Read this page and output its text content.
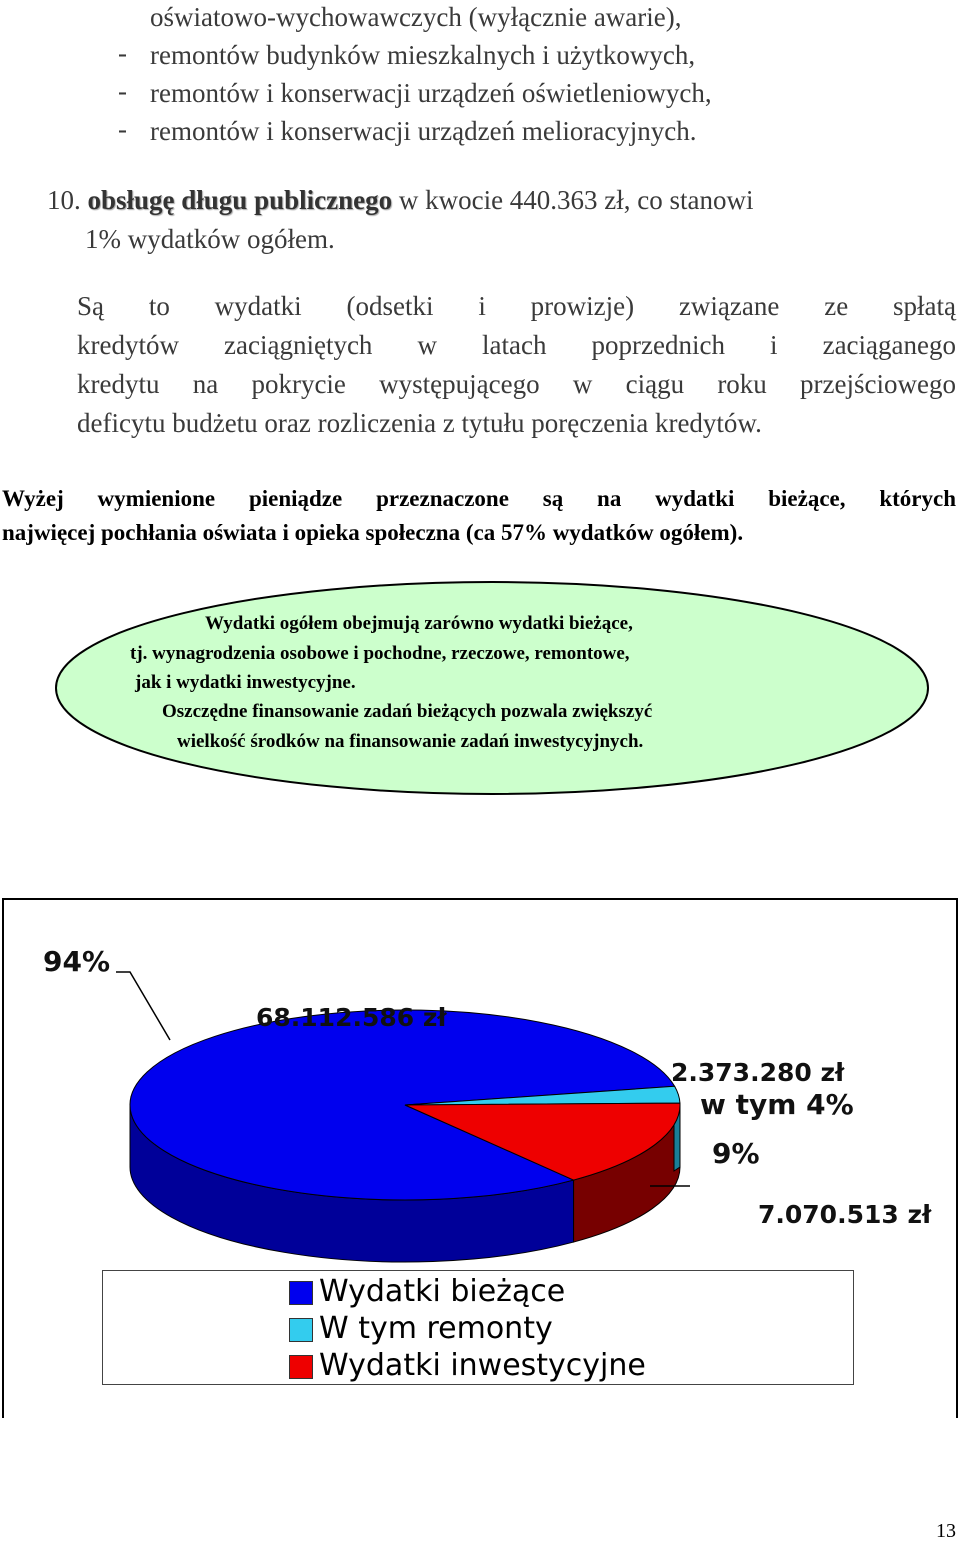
oświatowo-wychowawczych (wyłącznie awarie),
- remontów budynków mieszkalnych i użytkowych,
- remontów i konserwacji urządzeń oświetleniowych,
- remontów i konserwacji urządzeń melioracyjnych.
10. obsługę długu publicznego w kwocie 440.363 zł, co stanowi
1% wydatków ogółem.
Są to wydatki (odsetki i prowizje) związane ze spłatą
kredytów zaciągniętych w latach poprzednich i zaciąganego
kredytu na pokrycie występującego w ciągu roku przejściowego
deficytu budżetu oraz rozliczenia z tytułu poręczenia kredytów.
Wyżej wymienione pieniądze przeznaczone są na wydatki bieżące, których
najwięcej pochłania oświata i opieka społeczna (ca 57% wydatków ogółem).
Wydatki ogółem obejmują zarówno wydatki bieżące,
tj. wynagrodzenia osobowe i pochodne, rzeczowe, remontowe,
jak i wydatki inwestycyjne.
Oszczędne finansowanie zadań bieżących pozwala zwiększyć
wielkość środków na finansowanie zadań inwestycyjnych.
94%
68.112.586 zł
2.373.280 zł
w tym 4%
9%
7.070.513 zł
Wydatki bieżące
W tym remonty
Wydatki inwestycyjne
13
